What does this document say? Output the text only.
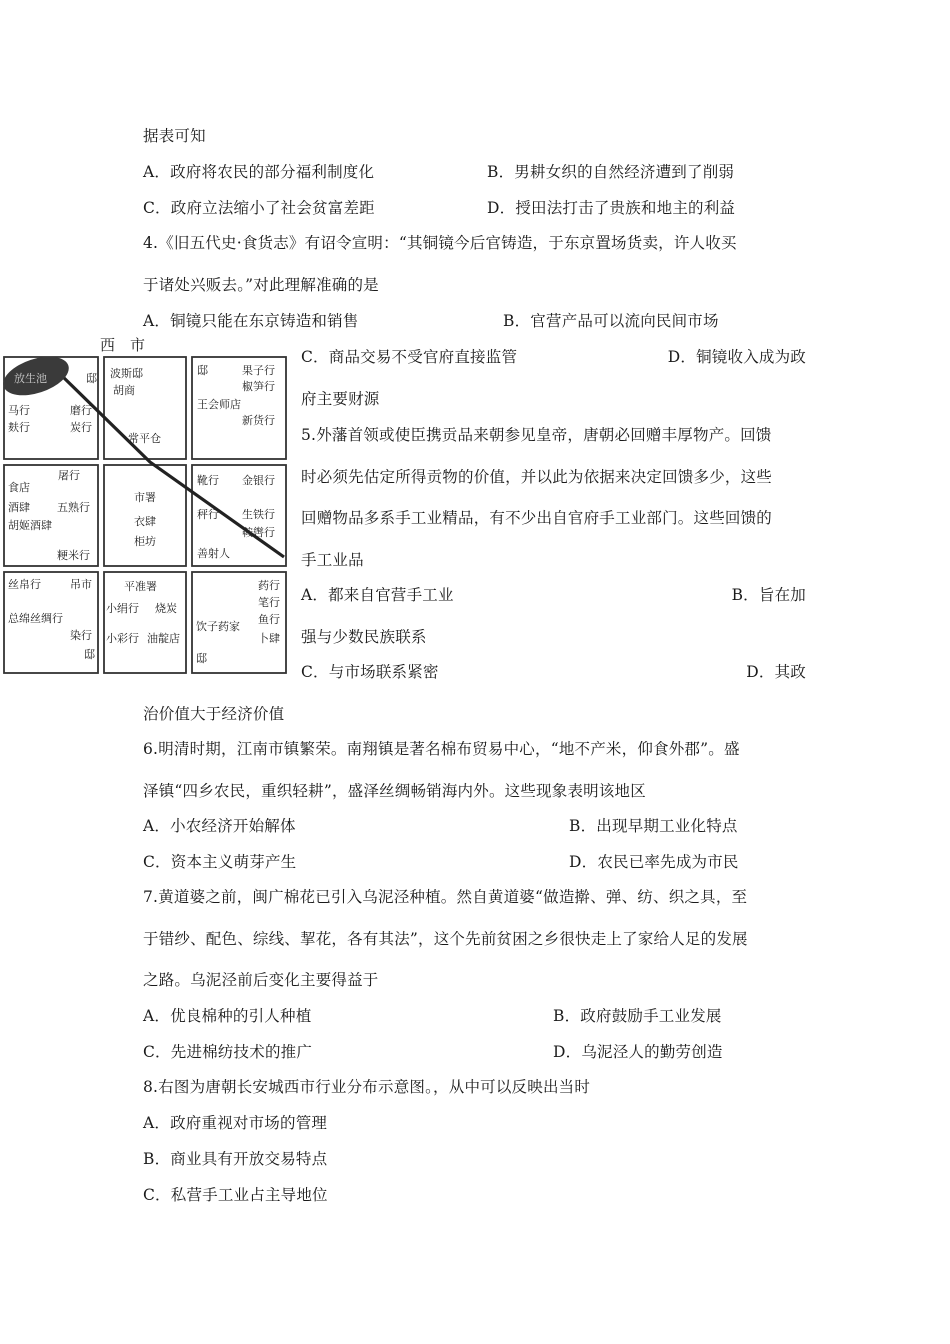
据表可知
A．政府将农民的部分福利制度化	B．男耕女织的自然经济遭到了削弱
C．政府立法缩小了社会贫富差距	D．授田法打击了贵族和地主的利益
4.《旧五代史·食货志》有诏令宣明：“其铜镜今后官铸造，于东京置场货卖，许人收买
于诸处兴贩去。”对此理解准确的是
A．铜镜只能在东京铸造和销售	B．官营产品可以流向民间市场
C．商品交易不受官府直接监管	D．铜镜收入成为政
府主要财源
5.外藩首领或使臣携贡品来朝参见皇帝，唐朝必回赠丰厚物产。回馈
时必须先估定所得贡物的价值，并以此为依据来决定回馈多少，这些
回赠物品多系手工业精品，有不少出自官府手工业部门。这些回馈的
手工业品
A．都来自官营手工业	B．旨在加
强与少数民族联系
C．与市场联系紧密	D．其政
治价值大于经济价值
6.明清时期，江南市镇繁荣。南翔镇是著名棉布贸易中心，“地不产米，仰食外郡”。盛
泽镇“四乡农民，重织轻耕”，盛泽丝绸畅销海内外。这些现象表明该地区
A．小农经济开始解体	B．出现早期工业化特点
C．资本主义萌芽产生	D．农民已率先成为市民
7.黄道婆之前，闽广棉花已引入乌泥泾种植。然自黄道婆“做造擀、弹、纺、织之具，至
于错纱、配色、综线、挈花，各有其法”，这个先前贫困之乡很快走上了家给人足的发展
之路。乌泥泾前后变化主要得益于
A．优良棉种的引人种植	B．政府鼓励手工业发展
C．先进棉纺技术的推广	D．乌泥泾人的勤劳创造
8.右图为唐朝长安城西市行业分布示意图。，从中可以反映出当时
A．政府重视对市场的管理
B．商业具有开放交易特点
C．私营手工业占主导地位
西　市
放生池	邸
马行
麸行
磨行
炭行
波斯邸
胡商
常平仓
邸	果子行
椒笋行
王会师店
新货行
屠行
食店
酒肆 五熟行
胡姬酒肆
粳米行
市署
衣肆
柜坊
靴行 金银行
秤行 生铁行
鞍辔行
善射人
丝帛行	吊市
总绵丝绸行
染行
邸
平准署
小绢行 烧炭
小彩行 油靛店
药行
笔行
鱼行
卜肆
饮子药家
邸
